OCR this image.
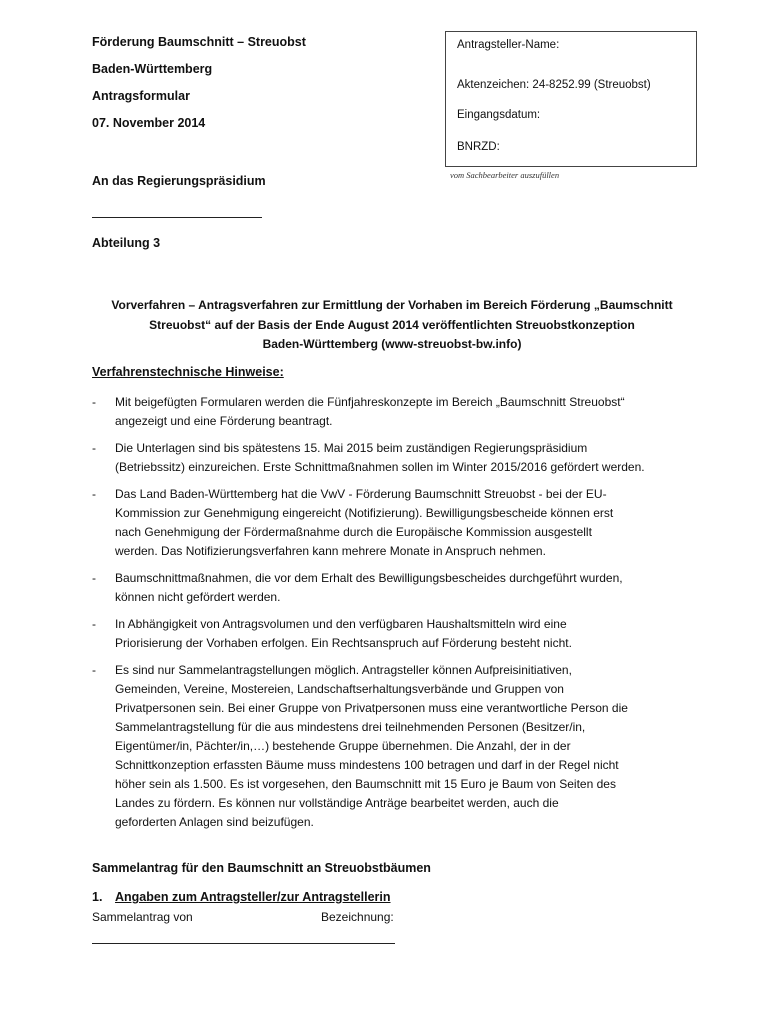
Förderung Baumschnitt – Streuobst
Baden-Württemberg
Antragsformular
07. November 2014
Antragsteller-Name:
Aktenzeichen: 24-8252.99 (Streuobst)
Eingangsdatum:
BNRZD:
vom Sachbearbeiter auszufüllen
An das Regierungspräsidium
Abteilung 3
Vorverfahren – Antragsverfahren zur Ermittlung der Vorhaben im Bereich Förderung „Baumschnitt
Streuobst“ auf der Basis der Ende August 2014 veröffentlichten Streuobstkonzeption
Baden-Württemberg (www-streuobst-bw.info)
Verfahrenstechnische Hinweise:
- Mit beigefügten Formularen werden die Fünfjahreskonzepte im Bereich „Baumschnitt Streuobst“
angezeigt und eine Förderung beantragt.
- Die Unterlagen sind bis spätestens 15. Mai 2015 beim zuständigen Regierungspräsidium
(Betriebssitz) einzureichen. Erste Schnittmaßnahmen sollen im Winter 2015/2016 gefördert werden.
- Das Land Baden-Württemberg hat die VwV - Förderung Baumschnitt Streuobst - bei der EU-
Kommission zur Genehmigung eingereicht (Notifizierung). Bewilligungsbescheide können erst
nach Genehmigung der Fördermaßnahme durch die Europäische Kommission ausgestellt
werden. Das Notifizierungsverfahren kann mehrere Monate in Anspruch nehmen.
- Baumschnittmaßnahmen, die vor dem Erhalt des Bewilligungsbescheides durchgeführt wurden,
können nicht gefördert werden.
- In Abhängigkeit von Antragsvolumen und den verfügbaren Haushaltsmitteln wird eine
Priorisierung der Vorhaben erfolgen. Ein Rechtsanspruch auf Förderung besteht nicht.
- Es sind nur Sammelantragstellungen möglich. Antragsteller können Aufpreisinitiativen,
Gemeinden, Vereine, Mostereien, Landschaftserhaltungsverbände und Gruppen von
Privatpersonen sein. Bei einer Gruppe von Privatpersonen muss eine verantwortliche Person die
Sammelantragstellung für die aus mindestens drei teilnehmenden Personen (Besitzer/in,
Eigentümer/in, Pächter/in,…) bestehende Gruppe übernehmen. Die Anzahl, der in der
Schnittkonzeption erfassten Bäume muss mindestens 100 betragen und darf in der Regel nicht
höher sein als 1.500. Es ist vorgesehen, den Baumschnitt mit 15 Euro je Baum von Seiten des
Landes zu fördern. Es können nur vollständige Anträge bearbeitet werden, auch die
geforderten Anlagen sind beizufügen.
Sammelantrag für den Baumschnitt an Streuobstbäumen
1. Angaben zum Antragsteller/zur Antragstellerin
Sammelantrag von	Bezeichnung:
